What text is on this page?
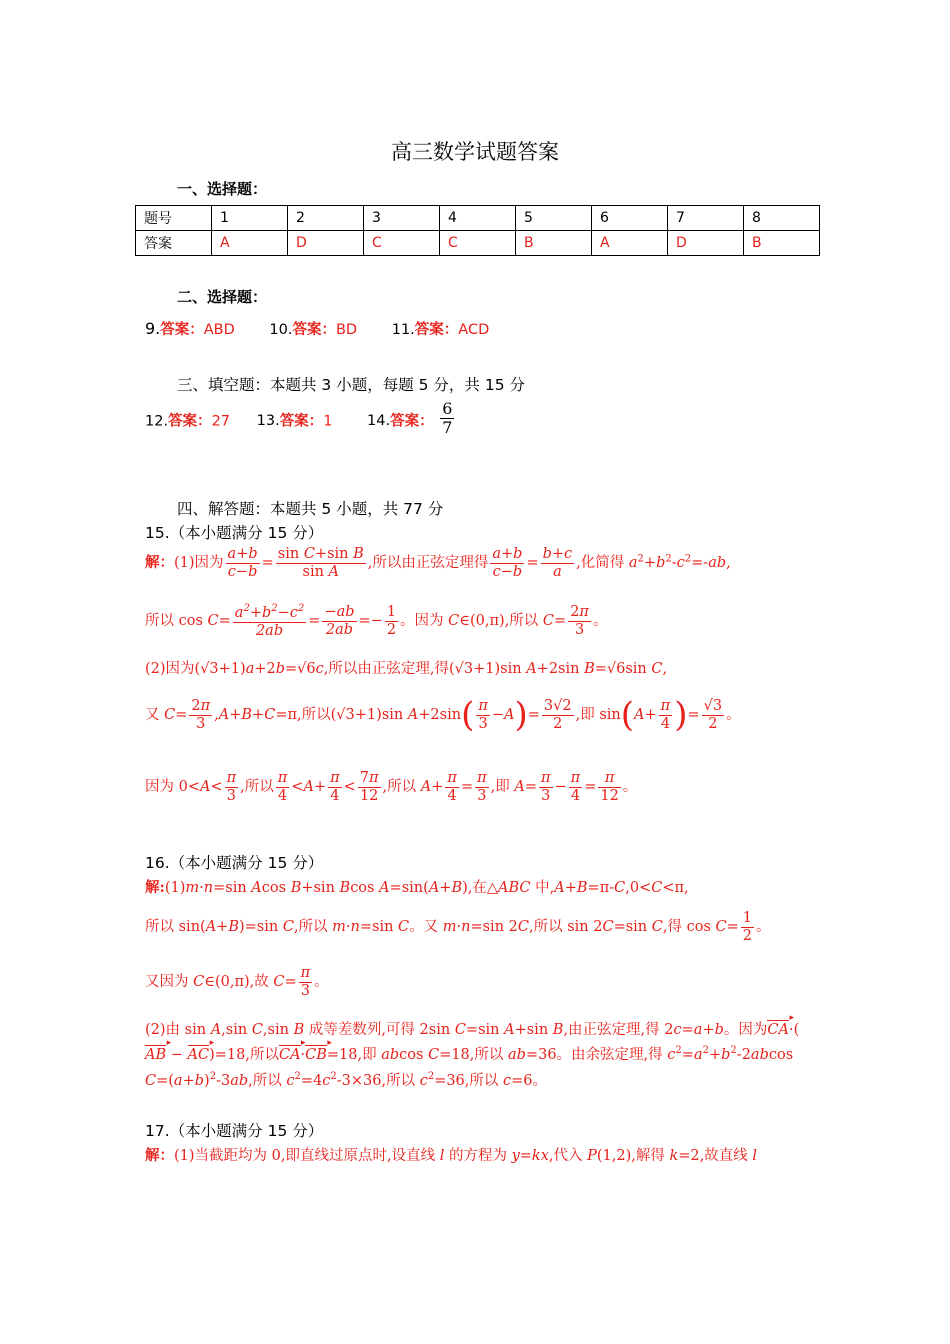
高三数学试题答案
一、选择题：
题号	1	2	3	4	5	6	7	8
答案	A	D	C	C	B	A	D	B
二、选择题：
9.答案：ABD 10.答案：BD 11.答案：ACD
三、填空题：本题共 3 小题，每题 5 分，共 15 分
12.答案：27 13.答案：1 14.答案： $\frac{6}{7}$
四、解答题：本题共 5 小题，共 77 分
15.（本小题满分 15 分）
解：(1)因为 $\frac{a+b}{c-b} = \frac{\text{sin C+sin B}}{\text{sin A}}$ ,所以由正弦定理得 $\frac{a+b}{c-b} = \frac{b+c}{a}$ ,化简得 $a^2+b^2-c^2=-ab$,
所以 $\cos C= \frac{a^2+b^2-c^2}{2ab} = \frac{-ab}{2ab} =- \frac{1}{2}$ 。因为 C∈(0,π),所以 $C= \frac{2\pi}{3}$ 。
(2)因为(√3+1)a+2b=√6c,所以由正弦定理,得(√3+1)sin A+2sin B=√6sin C,
又 $C= \frac{2\pi}{3} ,A+B+C=\pi$,所以(√3+1)sin $A+2\sin( \frac{\pi}{3} -A)= \frac{3√2}{2}$ ,即 $\sin(A+ \frac{\pi}{4}$ )= $\frac{√3}{2}$ 。
因为 $0<A< \frac{\pi}{3}$ ,所以 $\frac{\pi}{4} <A+ \frac{\pi}{4} < \frac{7\pi}{12}$ ,所以 $A+ \frac{\pi}{4} = \frac{\pi}{3}$ ,即 $A= \frac{\pi}{3} - \frac{\pi}{4} = \frac{\pi}{12}$ 。
16.（本小题满分 15 分）
解:(1)m·n=sin Acos B+sin Bcos A=sin(A+B),在△ABC 中,A+B=π-C,0<C<π,
所以 sin(A+B)=sin C,所以 m·n=sin C。又 m·n=sin 2C,所以 sin 2C=sin C,得 $\cos C= \frac{1}{2}$ 。
又因为 C∈(0,π),故 $C= \frac{\pi}{3}$ 。
(2)由 sin A,sin C,sin B 成等差数列,可得 2sin C=sin A+sin B,由正弦定理,得 2c=a+b。因为CA ▸·(
AB ▸ − AC ▸)=18,所以CA ▸·CB ▸=18,即 abcos C=18,所以 ab=36。由余弦定理,得 $c^2=a^2+b^2-2abcos$
$C=(a+b)^2-3ab$,所以 $c^2=4c^2-3\times 36$,所以 $c^2=36$,所以 c=6。
17.（本小题满分 15 分）
解：(1)当截距均为 0,即直线过原点时,设直线 l 的方程为 y=kx,代入 P(1,2),解得 k=2,故直线 l
